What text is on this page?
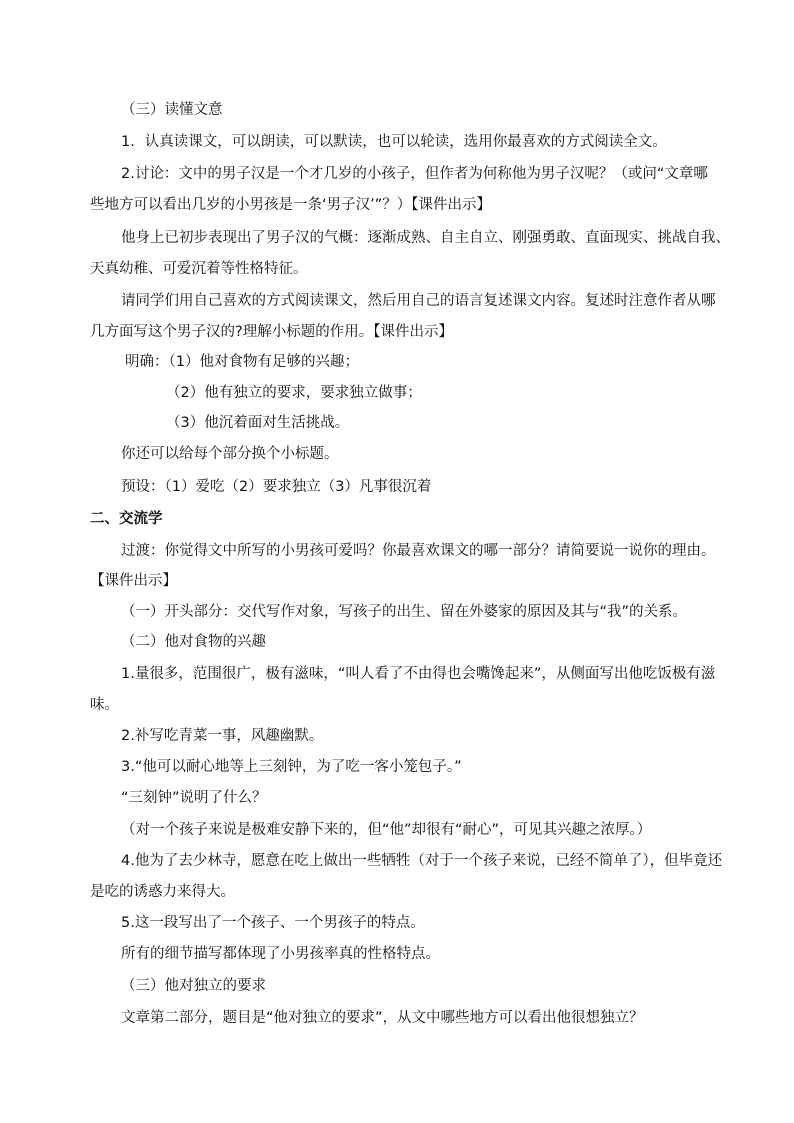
（三）读懂文意
1．认真读课文，可以朗读，可以默读，也可以轮读，选用你最喜欢的方式阅读全文。
2.讨论：文中的男子汉是一个才几岁的小孩子，但作者为何称他为男子汉呢？（或问“文章哪
些地方可以看出几岁的小男孩是一条‘男子汉’”？）【课件出示】
他身上已初步表现出了男子汉的气概：逐渐成熟、自主自立、刚强勇敢、直面现实、挑战自我、
天真幼稚、可爱沉着等性格特征。
请同学们用自己喜欢的方式阅读课文，然后用自己的语言复述课文内容。复述时注意作者从哪
几方面写这个男子汉的?理解小标题的作用。【课件出示】
明确：（1）他对食物有足够的兴趣；
（2）他有独立的要求，要求独立做事；
（3）他沉着面对生活挑战。
你还可以给每个部分换个小标题。
预设：（1）爱吃（2）要求独立（3）凡事很沉着
二、交流学
过渡：你觉得文中所写的小男孩可爱吗？你最喜欢课文的哪一部分？请简要说一说你的理由。
【课件出示】
（一）开头部分：交代写作对象，写孩子的出生、留在外婆家的原因及其与“我”的关系。
（二）他对食物的兴趣
1.量很多，范围很广，极有滋味，“叫人看了不由得也会嘴馋起来”，从侧面写出他吃饭极有滋
味。
2.补写吃青菜一事，风趣幽默。
3.“他可以耐心地等上三刻钟，为了吃一客小笼包子。”
“三刻钟”说明了什么？
（对一个孩子来说是极难安静下来的，但“他”却很有“耐心”，可见其兴趣之浓厚。）
4.他为了去少林寺，愿意在吃上做出一些牺牲（对于一个孩子来说，已经不简单了），但毕竟还
是吃的诱惑力来得大。
5.这一段写出了一个孩子、一个男孩子的特点。
所有的细节描写都体现了小男孩率真的性格特点。
（三）他对独立的要求
文章第二部分，题目是“他对独立的要求”，从文中哪些地方可以看出他很想独立？
